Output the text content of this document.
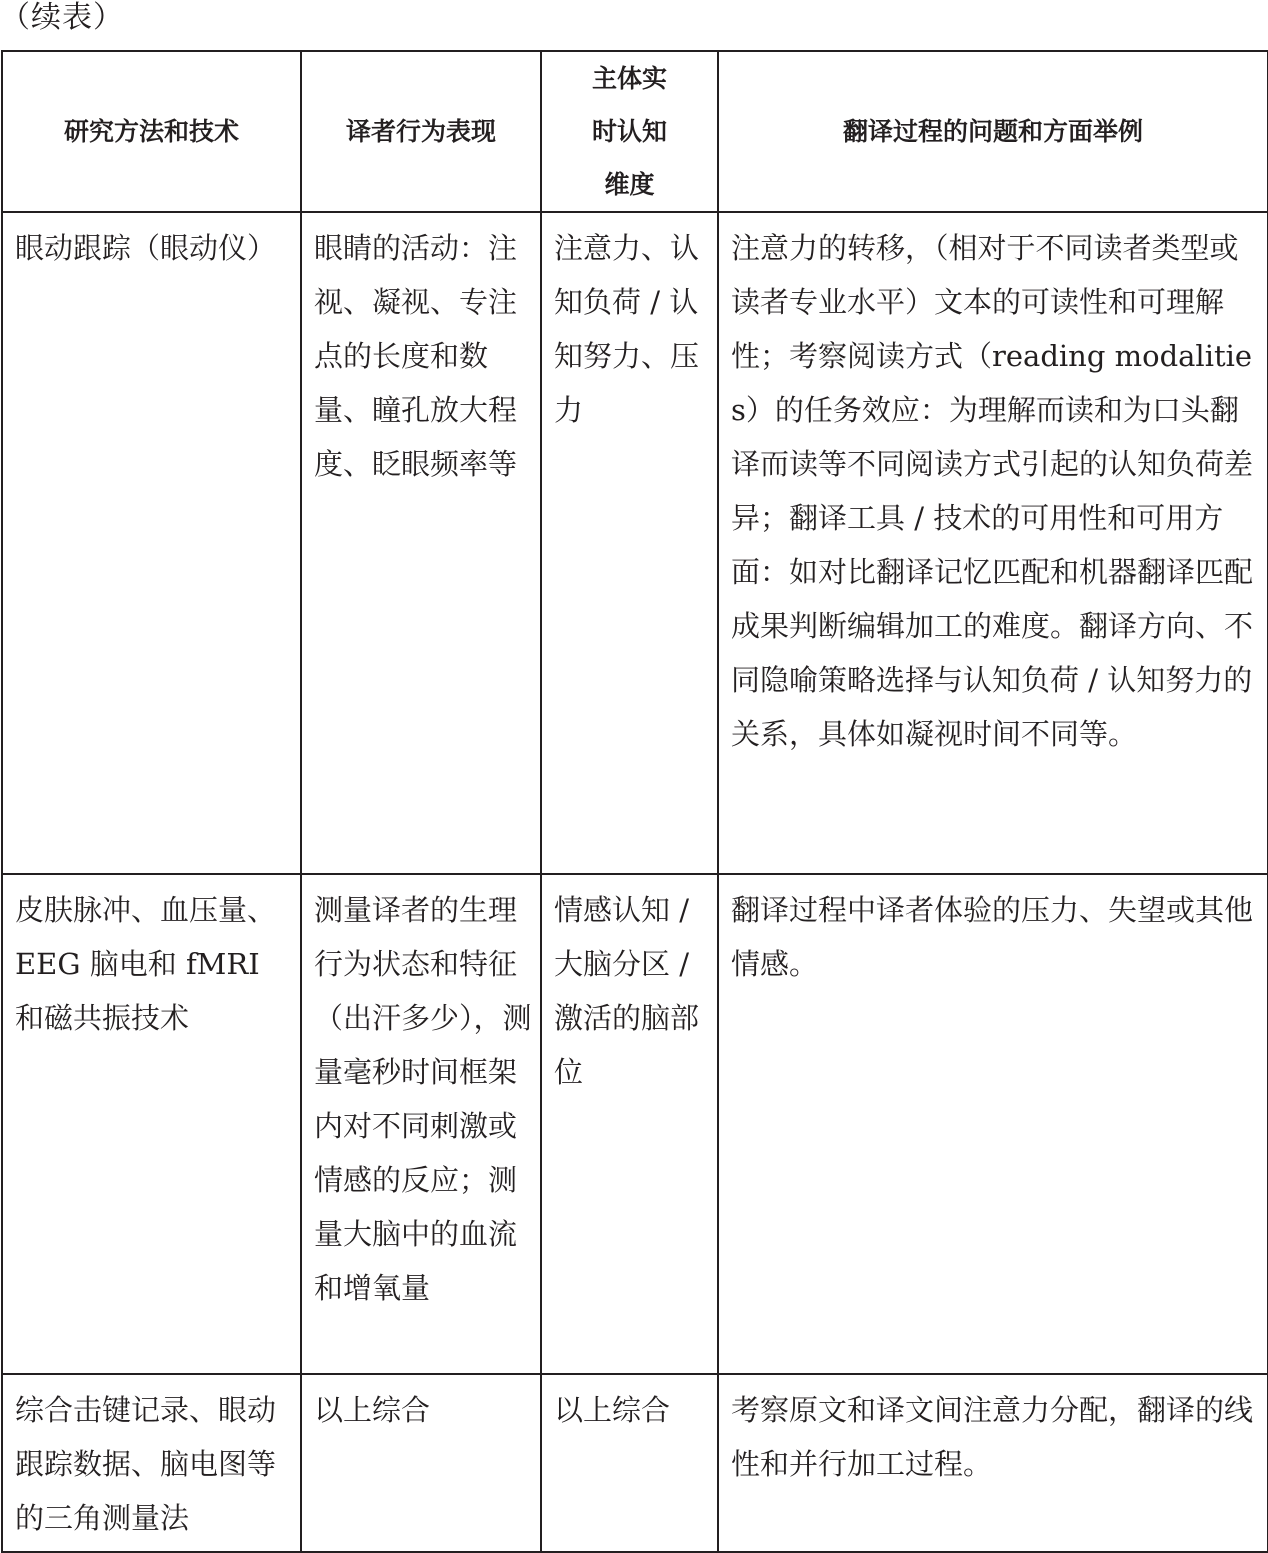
（续表）
研究方法和技术	译者行为表现	主体实时认知维度	翻译过程的问题和方面举例
眼动跟踪（眼动仪）	眼睛的活动：注视、凝视、专注点的长度和数量、瞳孔放大程度、眨眼频率等	注意力、认知负荷 / 认知努力、压力	注意力的转移，（相对于不同读者类型或读者专业水平）文本的可读性和可理解性；考察阅读方式（reading modalities）的任务效应：为理解而读和为口头翻译而读等不同阅读方式引起的认知负荷差异；翻译工具 / 技术的可用性和可用方面：如对比翻译记忆匹配和机器翻译匹配成果判断编辑加工的难度。翻译方向、不同隐喻策略选择与认知负荷 / 认知努力的关系，具体如凝视时间不同等。
皮肤脉冲、血压量、EEG 脑电和 fMRI 和磁共振技术	测量译者的生理行为状态和特征（出汗多少），测量毫秒时间框架内对不同刺激或情感的反应；测量大脑中的血流和增氧量	情感认知 / 大脑分区 / 激活的脑部位	翻译过程中译者体验的压力、失望或其他情感。
综合击键记录、眼动跟踪数据、脑电图等的三角测量法	以上综合	以上综合	考察原文和译文间注意力分配，翻译的线性和并行加工过程。
